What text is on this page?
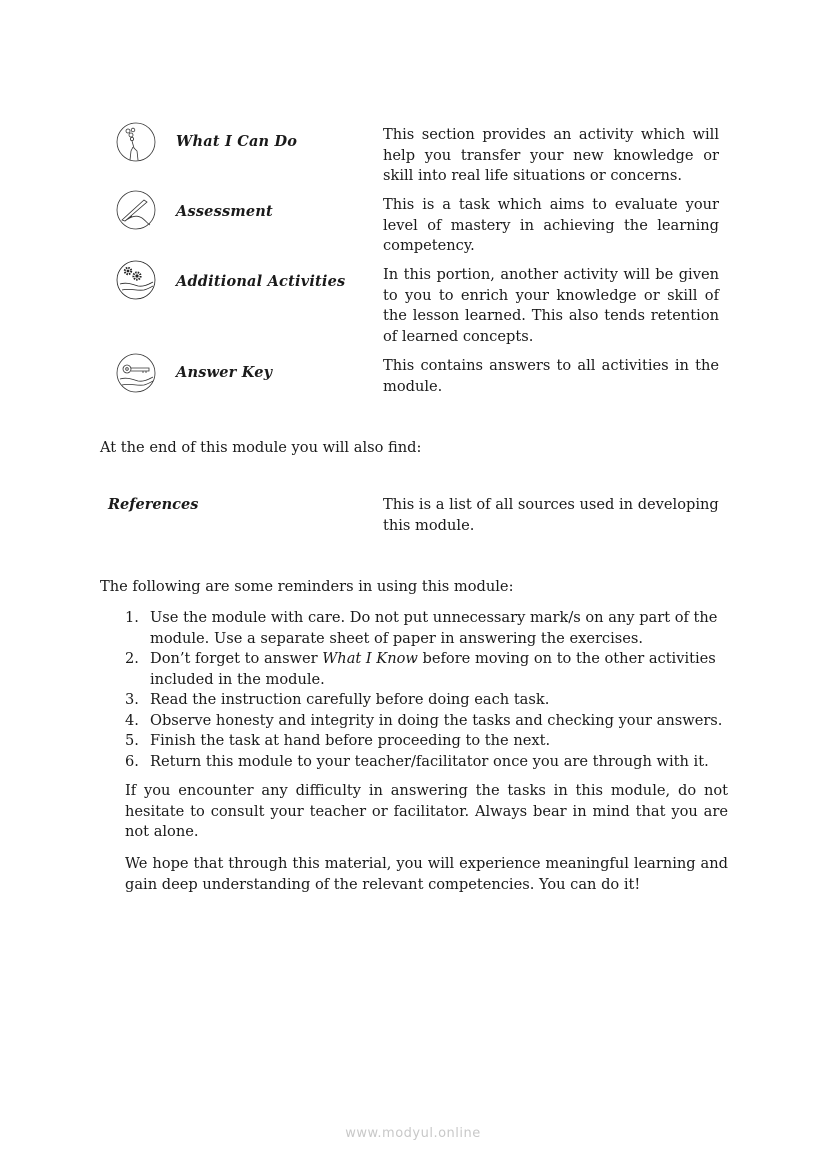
What I Can Do	This section provides an activity which will help you transfer your new knowledge or skill into real life situations or concerns.
Assessment	This is a task which aims to evaluate your level of mastery in achieving the learning competency.
Additional Activities	In this portion, another activity will be given to you to enrich your knowledge or skill of the lesson learned. This also tends retention of learned concepts.
Answer Key	This contains answers to all activities in the module.
At the end of this module you will also find:
References	This is a list of all sources used in developing this module.
The following are some reminders in using this module:
1. Use the module with care. Do not put unnecessary mark/s on any part of the module. Use a separate sheet of paper in answering the exercises.
2. Don’t forget to answer What I Know before moving on to the other activities included in the module.
3. Read the instruction carefully before doing each task.
4. Observe honesty and integrity in doing the tasks and checking your answers.
5. Finish the task at hand before proceeding to the next.
6. Return this module to your teacher/facilitator once you are through with it.
If you encounter any difficulty in answering the tasks in this module, do not hesitate to consult your teacher or facilitator. Always bear in mind that you are not alone.
We hope that through this material, you will experience meaningful learning and gain deep understanding of the relevant competencies. You can do it!
www.modyul.online
